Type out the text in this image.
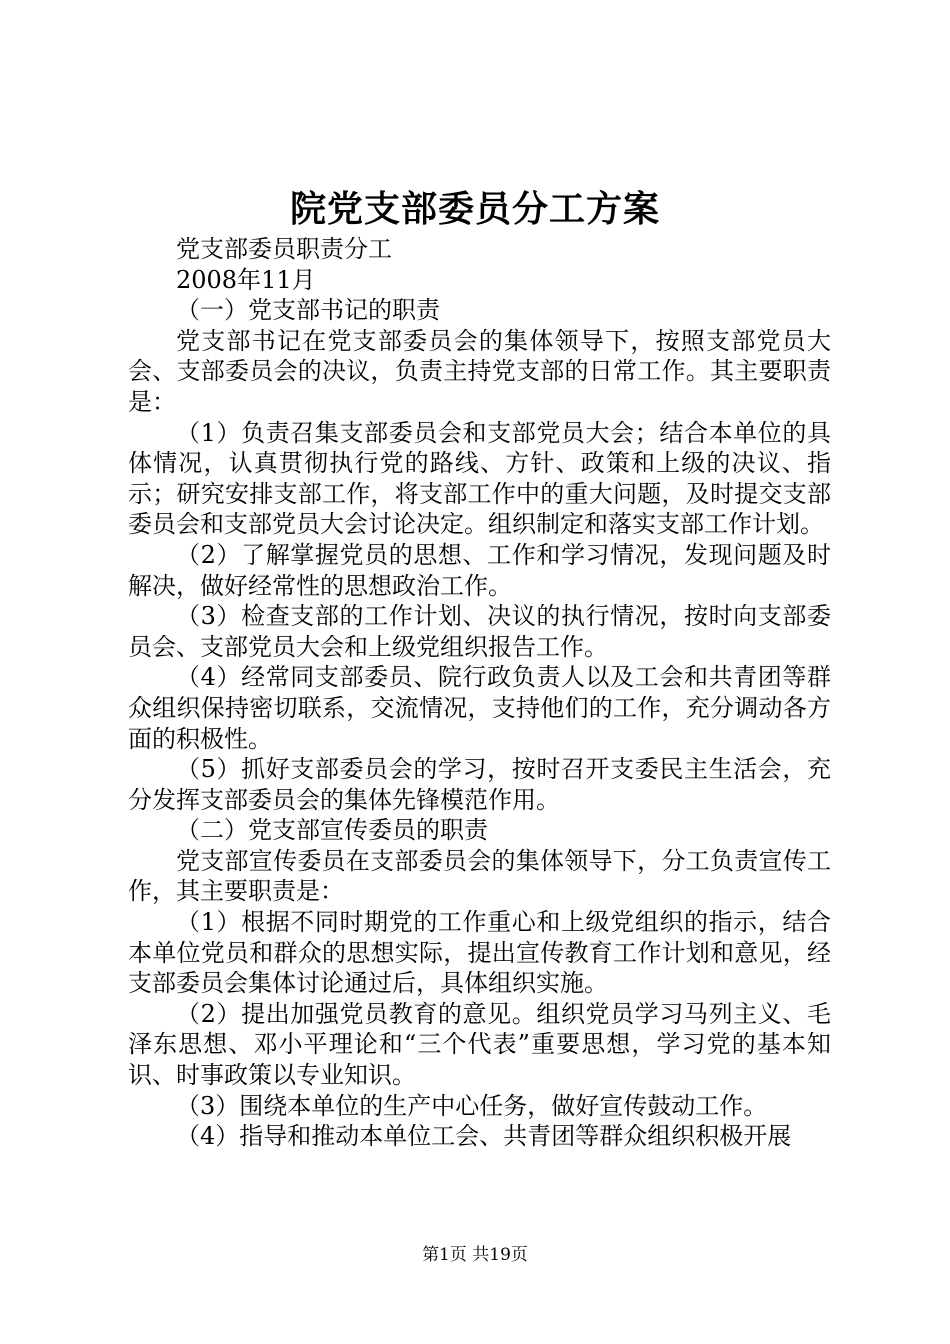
院党支部委员分工方案

党支部委员职责分工

2008年11月

（一）党支部书记的职责

党支部书记在党支部委员会的集体领导下，按照支部党员大会、支部委员会的决议，负责主持党支部的日常工作。其主要职责是：

（1）负责召集支部委员会和支部党员大会；结合本单位的具体情况，认真贯彻执行党的路线、方针、政策和上级的决议、指示；研究安排支部工作，将支部工作中的重大问题，及时提交支部委员会和支部党员大会讨论决定。组织制定和落实支部工作计划。

（2）了解掌握党员的思想、工作和学习情况，发现问题及时解决，做好经常性的思想政治工作。

（3）检查支部的工作计划、决议的执行情况，按时向支部委员会、支部党员大会和上级党组织报告工作。

（4）经常同支部委员、院行政负责人以及工会和共青团等群众组织保持密切联系，交流情况，支持他们的工作，充分调动各方面的积极性。

（5）抓好支部委员会的学习，按时召开支委民主生活会，充分发挥支部委员会的集体先锋模范作用。

（二）党支部宣传委员的职责

党支部宣传委员在支部委员会的集体领导下，分工负责宣传工作，其主要职责是：

（1）根据不同时期党的工作重心和上级党组织的指示，结合本单位党员和群众的思想实际，提出宣传教育工作计划和意见，经支部委员会集体讨论通过后，具体组织实施。

（2）提出加强党员教育的意见。组织党员学习马列主义、毛泽东思想、邓小平理论和“三个代表”重要思想，学习党的基本知识、时事政策以专业知识。

（3）围绕本单位的生产中心任务，做好宣传鼓动工作。

（4）指导和推动本单位工会、共青团等群众组织积极开展

第1页 共19页
